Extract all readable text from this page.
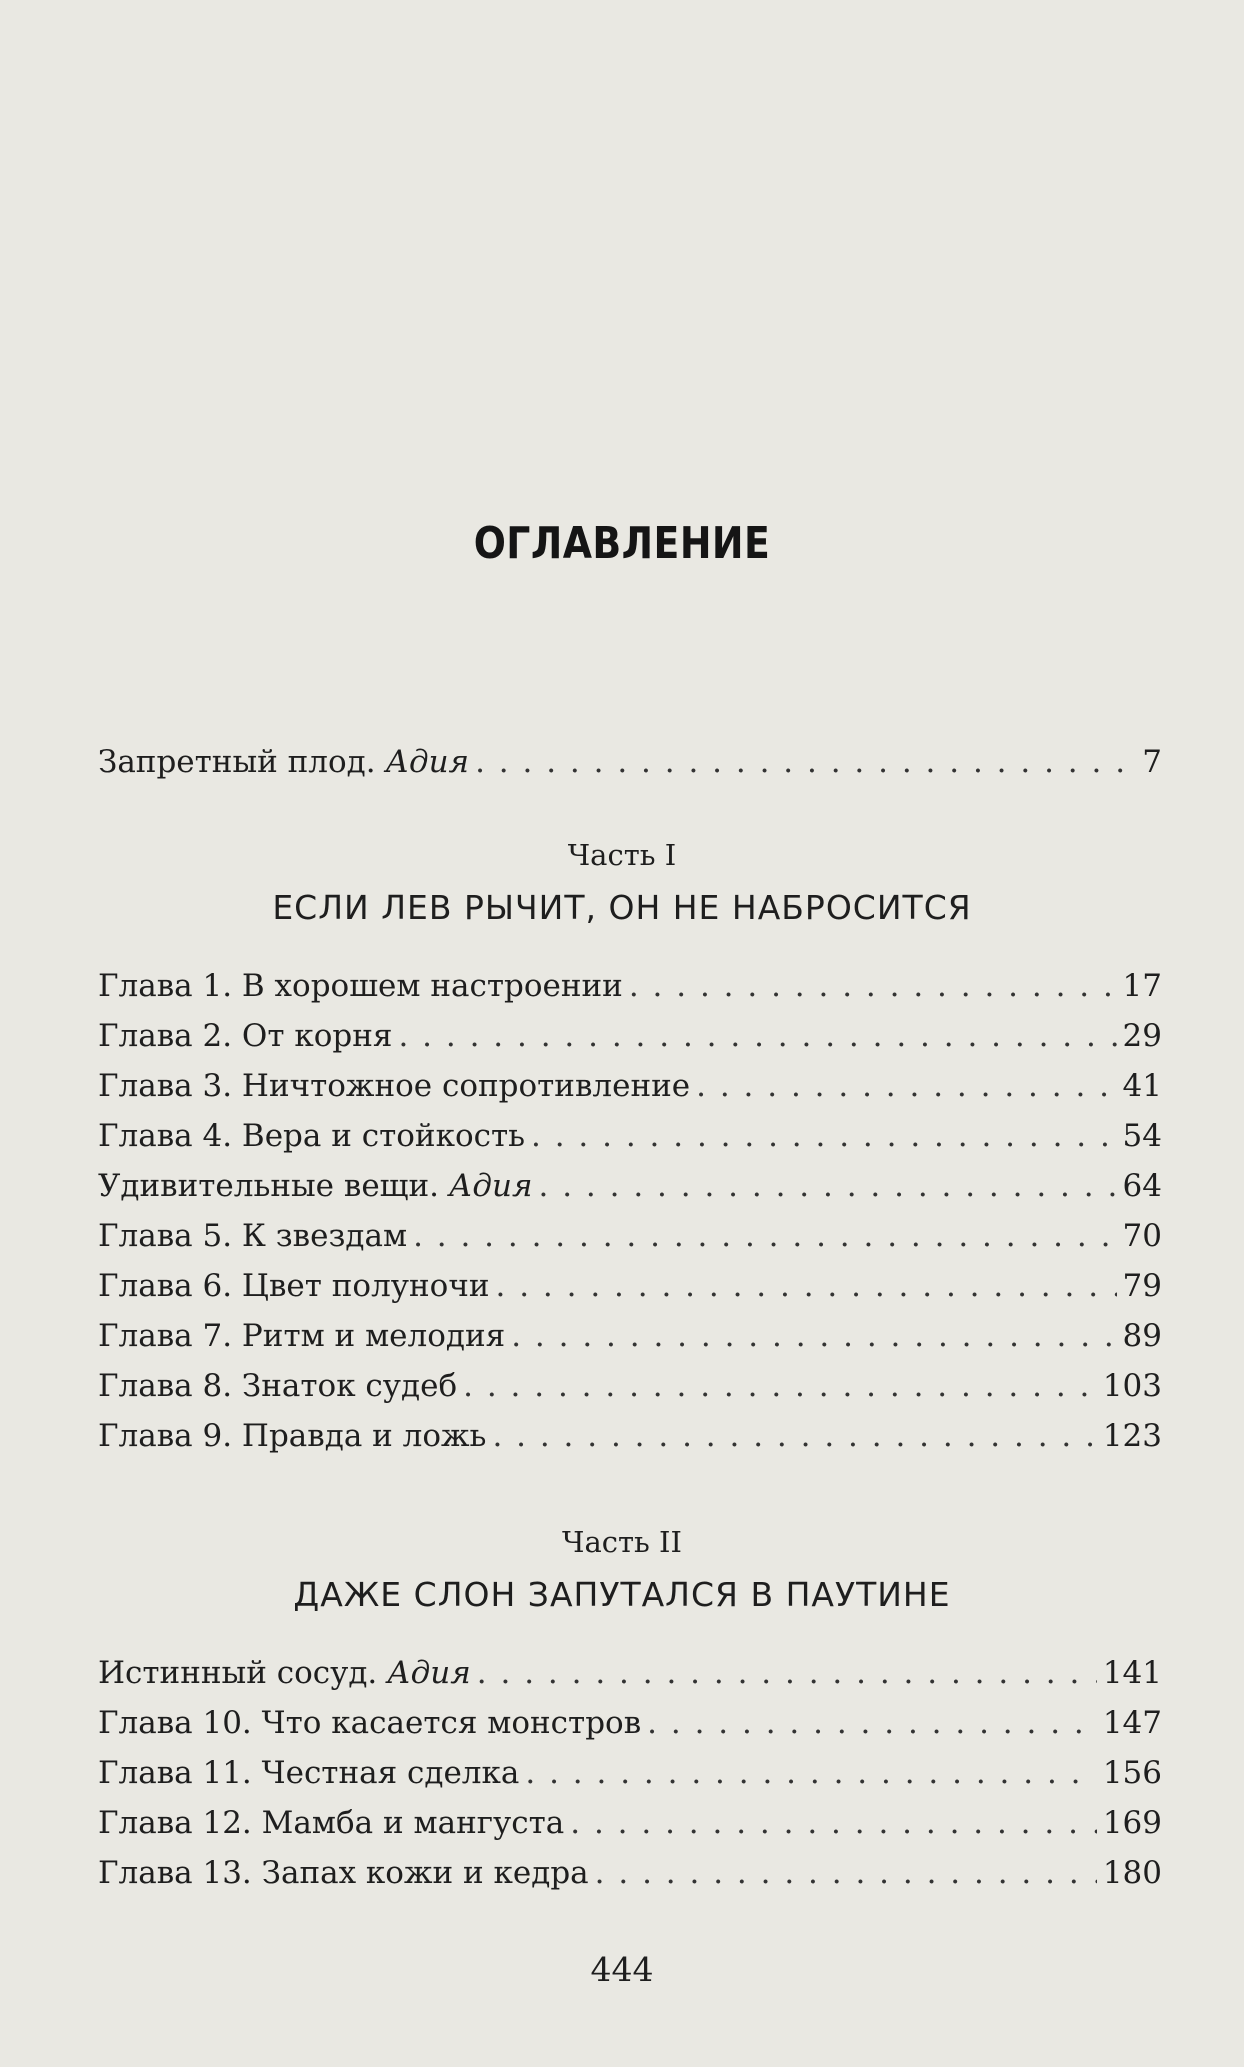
ОГЛАВЛЕНИЕ
Запретный плод. Адия . . .	7
Часть I
ЕСЛИ ЛЕВ РЫЧИТ, ОН НЕ НАБРОСИТСЯ
Глава 1. В хорошем настроении . . .	17
Глава 2. От корня . . .	29
Глава 3. Ничтожное сопротивление . . .	41
Глава 4. Вера и стойкость . . .	54
Удивительные вещи. Адия . . .	64
Глава 5. К звездам . . .	70
Глава 6. Цвет полуночи . . .	79
Глава 7. Ритм и мелодия . . .	89
Глава 8. Знаток судеб . . .	103
Глава 9. Правда и ложь . . .	123
Часть II
ДАЖЕ СЛОН ЗАПУТАЛСЯ В ПАУТИНЕ
Истинный сосуд. Адия . . .	141
Глава 10. Что касается монстров . . .	147
Глава 11. Честная сделка . . .	156
Глава 12. Мамба и мангуста . . .	169
Глава 13. Запах кожи и кедра . . .	180
444
